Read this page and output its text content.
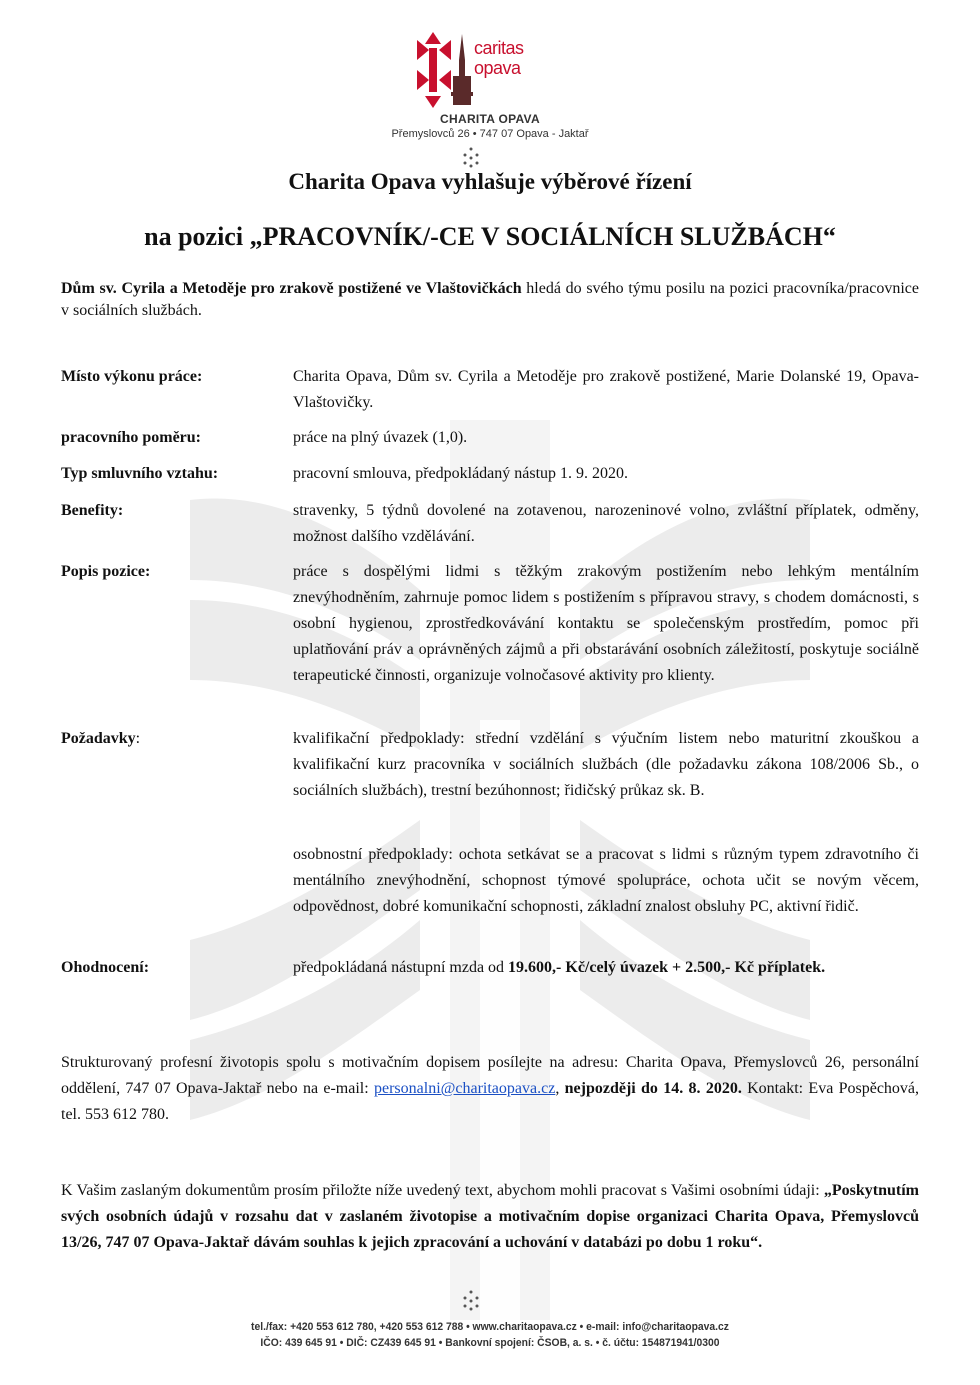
caritas
opava
CHARITA OPAVA
Přemyslovců 26 • 747 07 Opava - Jaktař
Charita Opava vyhlašuje výběrové řízení
na pozici „PRACOVNÍK/-CE V SOCIÁLNÍCH SLUŽBÁCH“
Dům sv. Cyrila a Metoděje pro zrakově postižené ve Vlaštovičkách hledá do svého týmu posilu na pozici pracovníka/pracovnice v sociálních službách.
Místo výkonu práce:	Charita Opava, Dům sv. Cyrila a Metoděje pro zrakově postižené, Marie Dolanské 19, Opava-Vlaštovičky.
pracovního poměru:	práce na plný úvazek (1,0).
Typ smluvního vztahu:	pracovní smlouva, předpokládaný nástup 1. 9. 2020.
Benefity:	stravenky, 5 týdnů dovolené na zotavenou, narozeninové volno, zvláštní příplatek, odměny, možnost dalšího vzdělávání.
Popis pozice:	práce s dospělými lidmi s těžkým zrakovým postižením nebo lehkým mentálním znevýhodněním, zahrnuje pomoc lidem s postižením s přípravou stravy, s chodem domácnosti, s osobní hygienou, zprostředkovávání kontaktu se společenským prostředím, pomoc při uplatňování práv a oprávněných zájmů a při obstarávání osobních záležitostí, poskytuje sociálně terapeutické činnosti, organizuje volnočasové aktivity pro klienty.
Požadavky:	kvalifikační předpoklady: střední vzdělání s výučním listem nebo maturitní zkouškou a kvalifikační kurz pracovníka v sociálních službách (dle požadavku zákona 108/2006 Sb., o sociálních službách), trestní bezúhonnost; řidičský průkaz sk. B.
osobnostní předpoklady: ochota setkávat se a pracovat s lidmi s různým typem zdravotního či mentálního znevýhodnění, schopnost týmové spolupráce, ochota učit se novým věcem, odpovědnost, dobré komunikační schopnosti, základní znalost obsluhy PC, aktivní řidič.
Ohodnocení:	předpokládaná nástupní mzda od 19.600,- Kč/celý úvazek + 2.500,- Kč příplatek.
Strukturovaný profesní životopis spolu s motivačním dopisem posílejte na adresu: Charita Opava, Přemyslovců 26, personální oddělení, 747 07 Opava-Jaktař nebo na e-mail: personalni@charitaopava.cz, nejpozději do 14. 8. 2020. Kontakt: Eva Pospěchová, tel. 553 612 780.
K Vašim zaslaným dokumentům prosím přiložte níže uvedený text, abychom mohli pracovat s Vašimi osobními údaji: „Poskytnutím svých osobních údajů v rozsahu dat v zaslaném životopise a motivačním dopise organizaci Charita Opava, Přemyslovců 13/26, 747 07 Opava-Jaktař dávám souhlas k jejich zpracování a uchování v databázi po dobu 1 roku“.
tel./fax: +420 553 612 780, +420 553 612 788 • www.charitaopava.cz • e-mail: info@charitaopava.cz
IČO: 439 645 91 • DIČ: CZ439 645 91 • Bankovní spojení: ČSOB, a. s. • č. účtu: 154871941/0300
